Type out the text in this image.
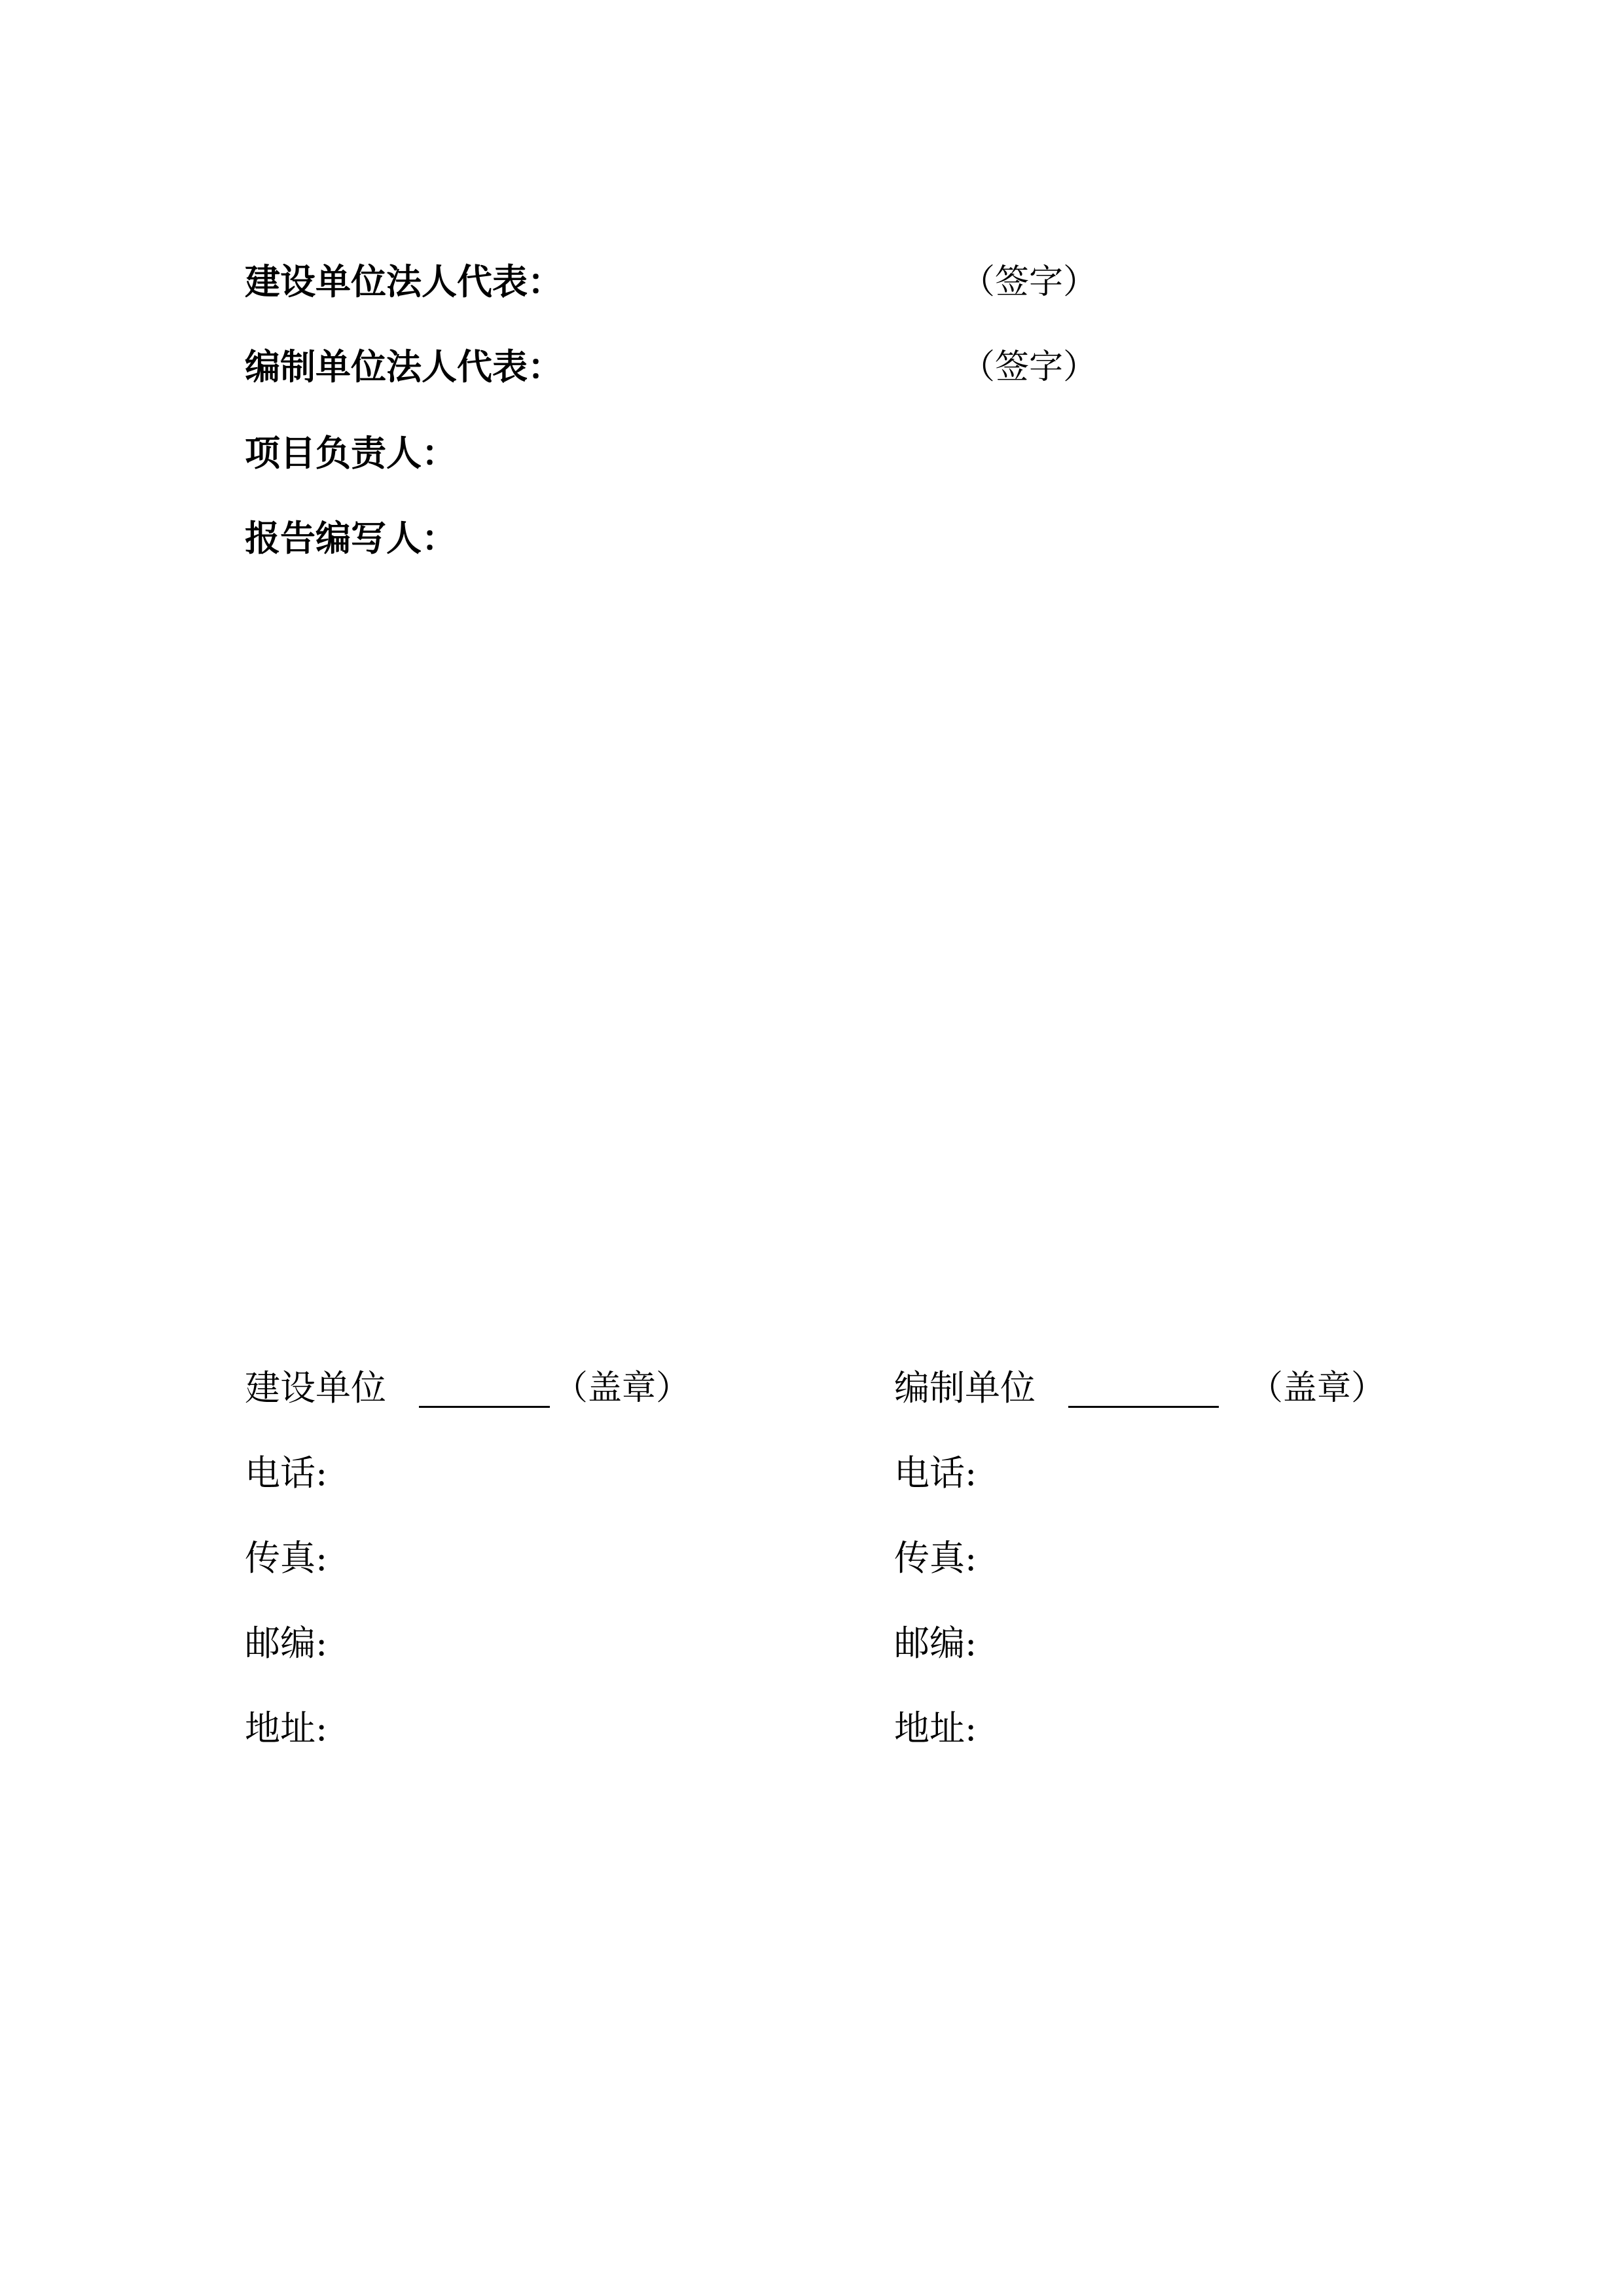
建设单位法人代表：	（签字）
编制单位法人代表：	（签字）
项目负责人：
报告编写人：
建设单位	（盖章）
电话:
传真:
邮编:
地址:
编制单位	（盖章）
电话:
传真:
邮编:
地址:
